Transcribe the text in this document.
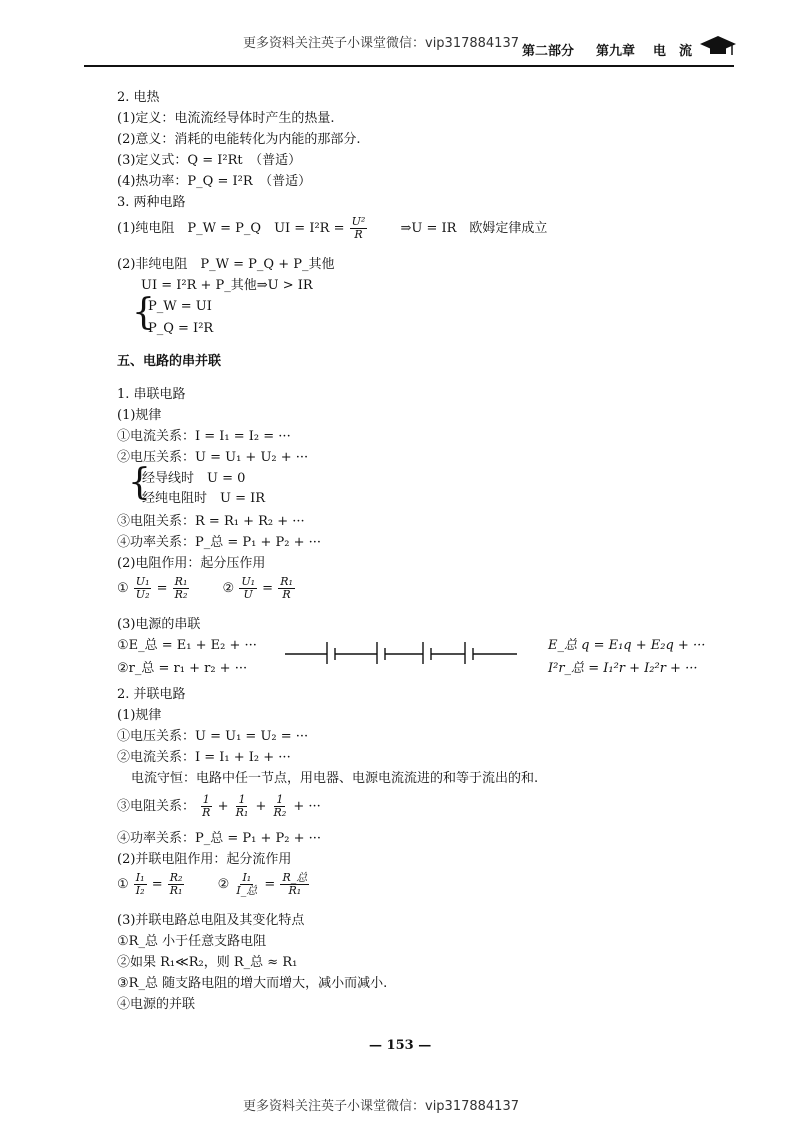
更多资料关注英子小课堂微信：vip317884137
第二部分 第九章 电　流
2. 电热
(1)定义：电流流经导体时产生的热量.
(2)意义：消耗的电能转化为内能的那部分.
(3)定义式：Q = I²Rt　（普适）
(4)热功率：P_Q = I²R　（普适）
3. 两种电路
(1)纯电阻　P_W = P_Q　UI = $I^2R = \frac{\text{U²}}{R}$	⇒U = IR　欧姆定律成立
(2)非纯电阻　P_W = P_Q + P_其他
UI = I²R + P_其他⇒U > IR
{
P_W = UI
P_Q = I²R
五、电路的串并联
1. 串联电路
(1)规律
①电流关系：I = I₁ = I₂ = ···
②电压关系：U = U₁ + U₂ + ···
{
经导线时　U = 0
经纯电阻时　U = IR
③电阻关系：R = R₁ + R₂ + ···
④功率关系：P_总 = P₁ + P₂ + ···
(2)电阻作用：起分压作用
① $\frac{\text{U₁}}{\text{U₂}} = \frac{\text{R₁}}{\text{R₂}}$	② $\frac{\text{U₁}}{U} = \frac{\text{R₁}}{R}$
(3)电源的串联
①E_总 = E₁ + E₂ + ···
②r_总 = r₁ + r₂ + ···
E_总 q = E₁q + E₂q + ···
I²r_总 = I₁²r + I₂²r + ···
2. 并联电路
(1)规律
①电压关系：U = U₁ = U₂ = ···
②电流关系：I = I₁ + I₂ + ···
电流守恒：电路中任一节点，用电器、电源电流流进的和等于流出的和.
③电阻关系： $\frac{1}{R} + \frac{1}{\text{R₁}} + \frac{1}{\text{R₂}}$ + ···
④功率关系：P_总 = P₁ + P₂ + ···
(2)并联电阻作用：起分流作用
① $\frac{\text{I₁}}{\text{I₂}} = \frac{\text{R₂}}{\text{R₁}}$	② $\frac{\text{I₁}}{\text{I\_总}} = \frac{\text{R\_总}}{\text{R₁}}$
(3)并联电路总电阻及其变化特点
①R_总 小于任意支路电阻
②如果 R₁≪R₂，则 R_总 ≈ R₁
③R_总 随支路电阻的增大而增大，减小而减小.
④电源的并联
— 153 —
更多资料关注英子小课堂微信：vip317884137
